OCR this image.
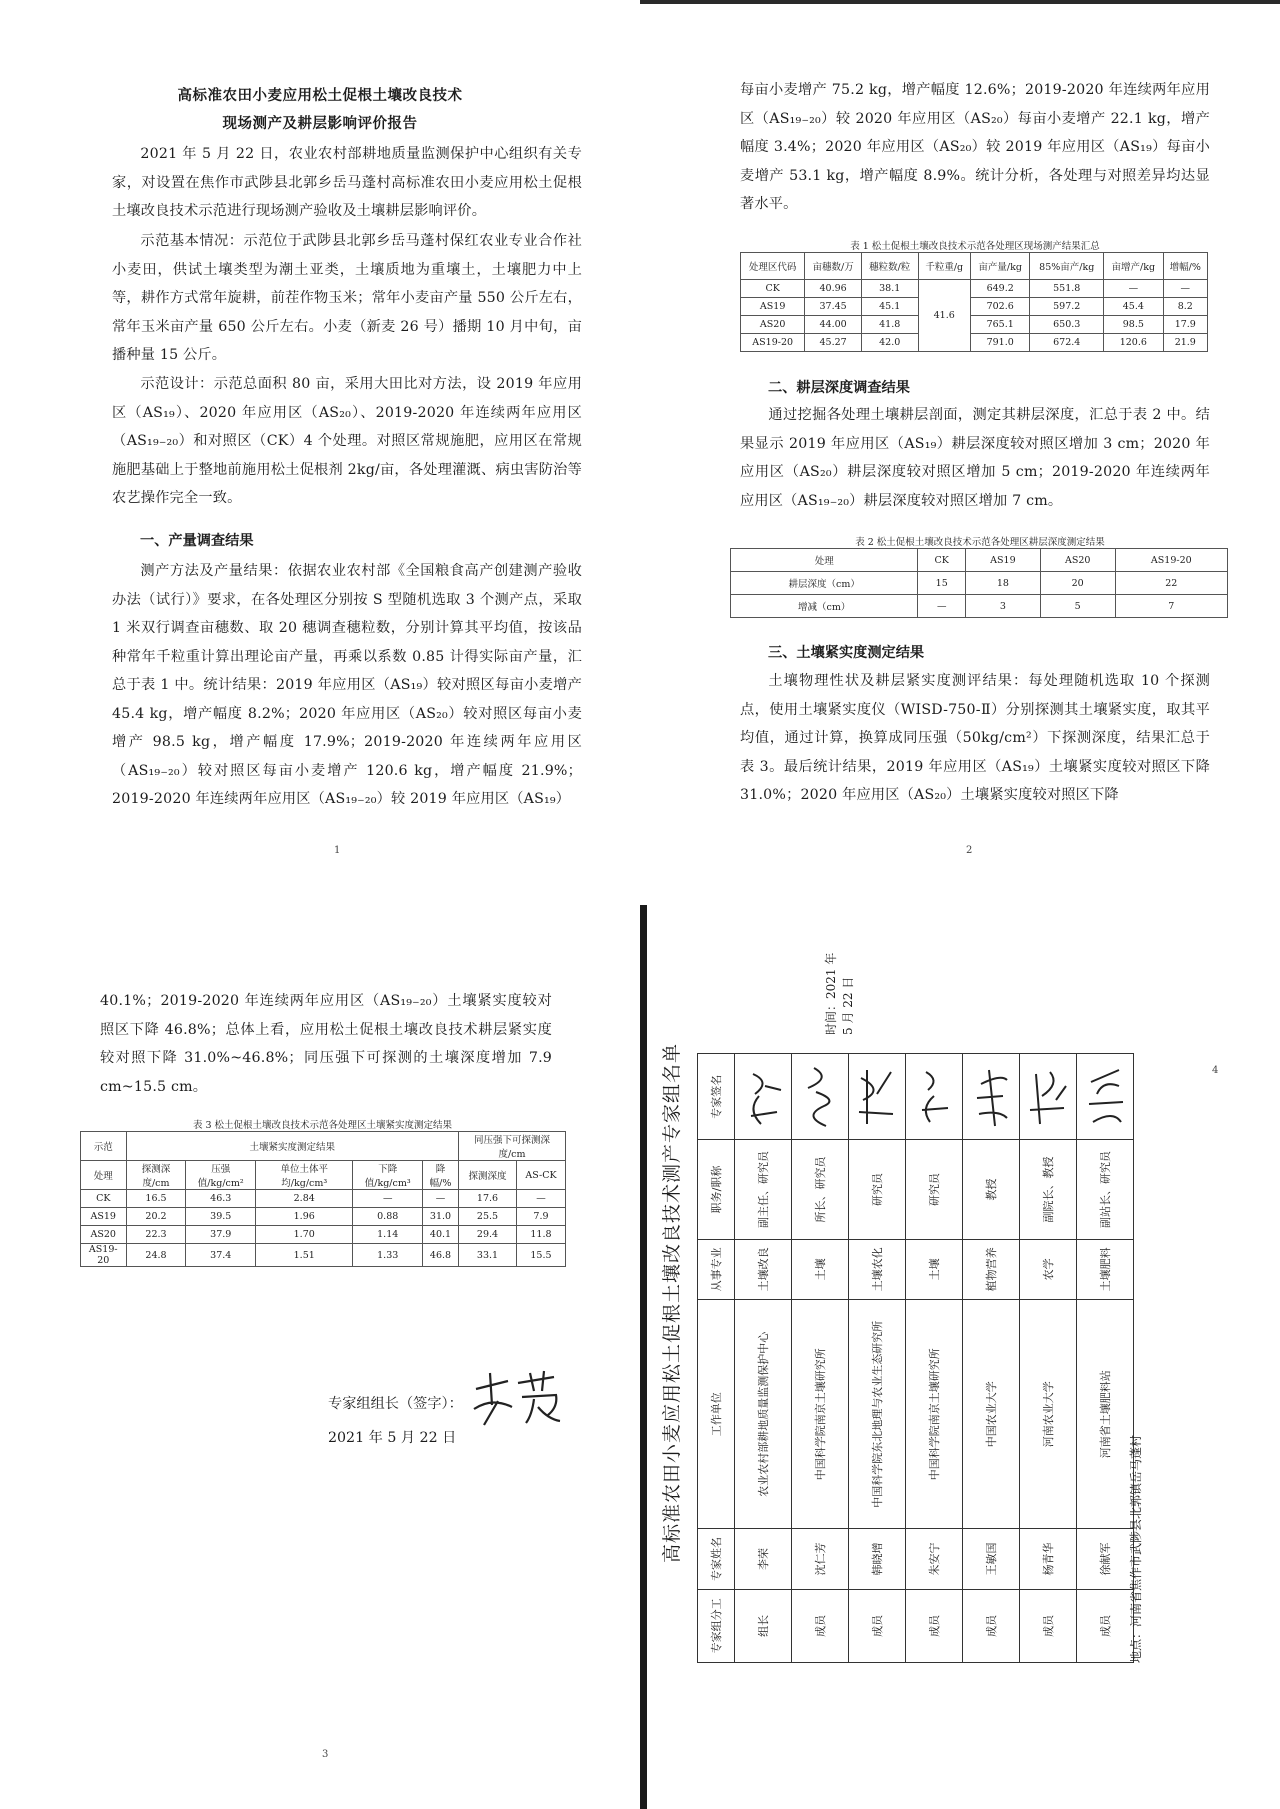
高标准农田小麦应用松土促根土壤改良技术
现场测产及耕层影响评价报告

2021 年 5 月 22 日，农业农村部耕地质量监测保护中心组织有关专家，对设置在焦作市武陟县北郭乡岳马蓬村高标准农田小麦应用松土促根土壤改良技术示范进行现场测产验收及土壤耕层影响评价。

示范基本情况：示范位于武陟县北郭乡岳马蓬村保红农业专业合作社小麦田，供试土壤类型为潮土亚类，土壤质地为重壤土，土壤肥力中上等，耕作方式常年旋耕，前茬作物玉米；常年小麦亩产量 550 公斤左右，常年玉米亩产量 650 公斤左右。小麦（新麦 26 号）播期 10 月中旬，亩播种量 15 公斤。

示范设计：示范总面积 80 亩，采用大田比对方法，设 2019 年应用区（AS₁₉）、2020 年应用区（AS₂₀）、2019-2020 年连续两年应用区（AS₁₉₋₂₀）和对照区（CK）4 个处理。对照区常规施肥，应用区在常规施肥基础上于整地前施用松土促根剂 2kg/亩，各处理灌溉、病虫害防治等农艺操作完全一致。

一、产量调查结果

测产方法及产量结果：依据农业农村部《全国粮食高产创建测产验收办法（试行）》要求，在各处理区分别按 S 型随机选取 3 个测产点，采取 1 米双行调查亩穗数、取 20 穗调查穗粒数，分别计算其平均值，按该品种常年千粒重计算出理论亩产量，再乘以系数 0.85 计得实际亩产量，汇总于表 1 中。统计结果：2019 年应用区（AS₁₉）较对照区每亩小麦增产 45.4 kg，增产幅度 8.2%；2020 年应用区（AS₂₀）较对照区每亩小麦增产 98.5 kg，增产幅度 17.9%；2019-2020 年连续两年应用区（AS₁₉₋₂₀）较对照区每亩小麦增产 120.6 kg，增产幅度 21.9%；2019-2020 年连续两年应用区（AS₁₉₋₂₀）较 2019 年应用区（AS₁₉）

1

每亩小麦增产 75.2 kg，增产幅度 12.6%；2019-2020 年连续两年应用区（AS₁₉₋₂₀）较 2020 年应用区（AS₂₀）每亩小麦增产 22.1 kg，增产幅度 3.4%；2020 年应用区（AS₂₀）较 2019 年应用区（AS₁₉）每亩小麦增产 53.1 kg，增产幅度 8.9%。统计分析，各处理与对照差异均达显著水平。

表 1 松土促根土壤改良技术示范各处理区现场测产结果汇总
处理区代码	亩穗数/万	穗粒数/粒	千粒重/g	亩产量/kg	85%亩产/kg	亩增产/kg	增幅/%
CK	40.96	38.1	41.6	649.2	551.8	—	—
AS19	37.45	45.1		702.6	597.2	45.4	8.2
AS20	44.00	41.8		765.1	650.3	98.5	17.9
AS19-20	45.27	42.0		791.0	672.4	120.6	21.9
二、耕层深度调查结果

通过挖掘各处理土壤耕层剖面，测定其耕层深度，汇总于表 2 中。结果显示 2019 年应用区（AS₁₉）耕层深度较对照区增加 3 cm；2020 年应用区（AS₂₀）耕层深度较对照区增加 5 cm；2019-2020 年连续两年应用区（AS₁₉₋₂₀）耕层深度较对照区增加 7 cm。

表 2 松土促根土壤改良技术示范各处理区耕层深度测定结果
处理	CK	AS19	AS20	AS19-20
耕层深度（cm）	15	18	20	22
增减（cm）	—	3	5	7
三、土壤紧实度测定结果

土壤物理性状及耕层紧实度测评结果：每处理随机选取 10 个探测点，使用土壤紧实度仪（WISD-750-Ⅱ）分别探测其土壤紧实度，取其平均值，通过计算，换算成同压强（50kg/cm²）下探测深度，结果汇总于表 3。最后统计结果，2019 年应用区（AS₁₉）土壤紧实度较对照区下降 31.0%；2020 年应用区（AS₂₀）土壤紧实度较对照区下降

2

40.1%；2019-2020 年连续两年应用区（AS₁₉₋₂₀）土壤紧实度较对照区下降 46.8%；总体上看，应用松土促根土壤改良技术耕层紧实度较对照下降 31.0%~46.8%；同压强下可探测的土壤深度增加 7.9 cm~15.5 cm。

表 3 松土促根土壤改良技术示范各处理区土壤紧实度测定结果
示范	土壤紧实度测定结果					同压强下可探测深度/cm	
处理	探测深度/cm	压强值/kg/cm²	单位土体平均/kg/cm³	下降值/kg/cm³	降幅/%	探测深度	AS-CK
CK	16.5	46.3	2.84	—	—	17.6	—
AS19	20.2	39.5	1.96	0.88	31.0	25.5	7.9
AS20	22.3	37.9	1.70	1.14	40.1	29.4	11.8
AS19-20	24.8	37.4	1.51	1.33	46.8	33.1	15.5
专家组组长（签字）：
2021 年 5 月 22 日
3
高标准农田小麦应用松土促根土壤改良技术测产专家组名单
专家组分工	专家姓名	工作单位	从事专业	职务/职称	专家签名
组长	李荣	农业农村部耕地质量监测保护中心	土壤改良	副主任、研究员	

成员	沈仁芳	中国科学院南京土壤研究所	土壤	所长、研究员	

成员	韩晓增	中国科学院东北地理与农业生态研究所	土壤农化	研究员	

成员	朱安宁	中国科学院南京土壤研究所	土壤	研究员	

成员	王敏国	中国农业大学	植物营养	教授	

成员	杨青华	河南农业大学	农学	副院长、教授	

成员	徐献军	河南省土壤肥料站	土壤肥料	副站长、研究员	
地点：河南省焦作市武陟县北郭镇岳马蓬村
时间：2021 年 5 月 22 日
4
